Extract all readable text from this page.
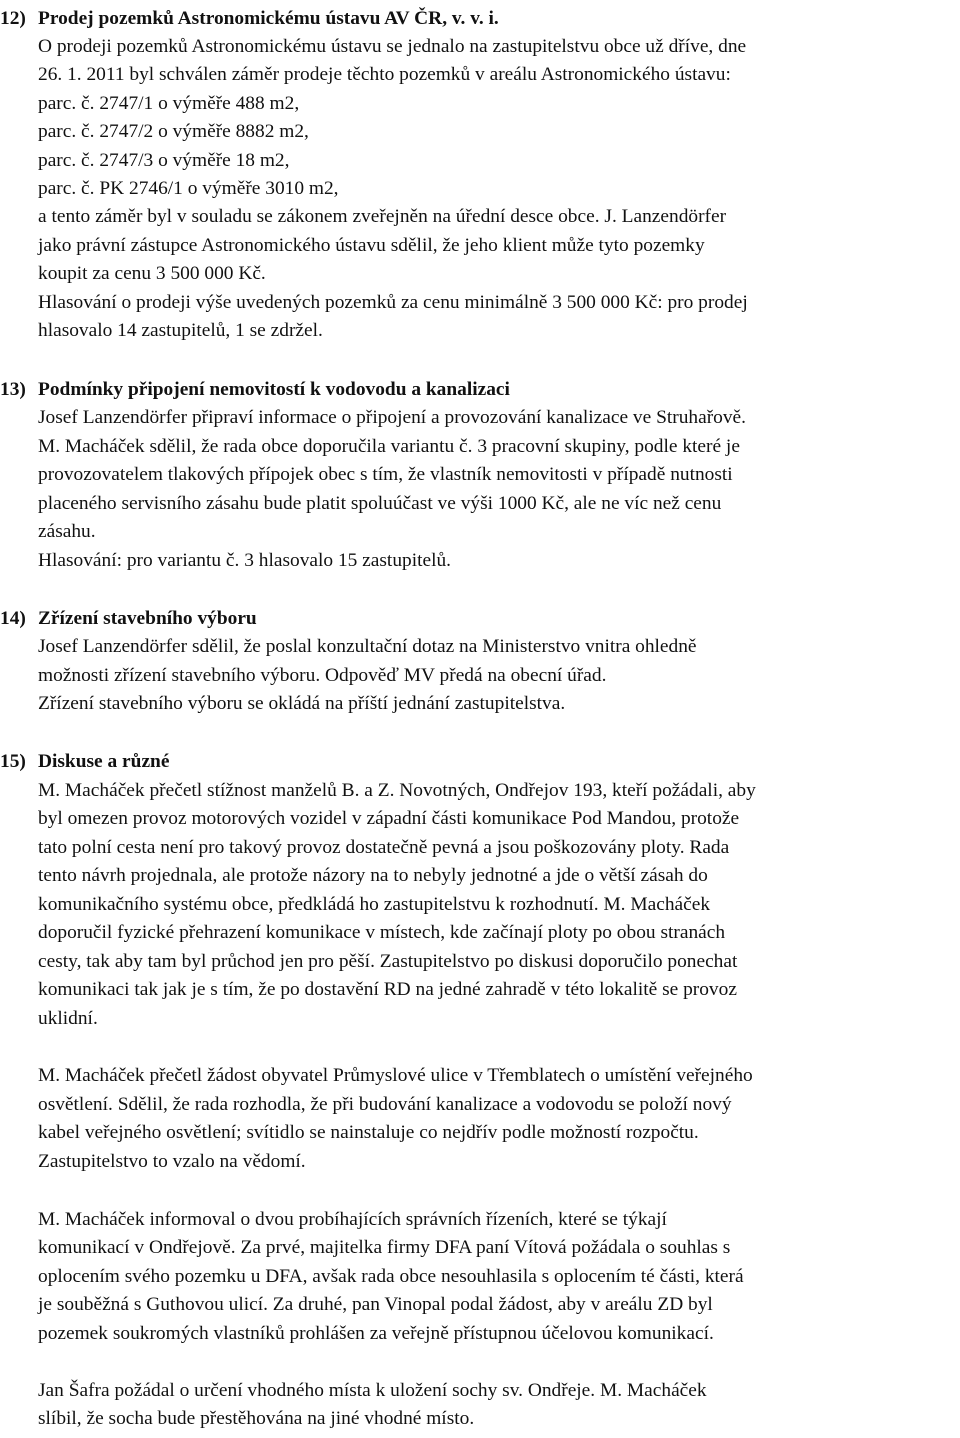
12) Prodej pozemků Astronomickému ústavu AV ČR, v. v. i.
O prodeji pozemků Astronomickému ústavu se jednalo na zastupitelstvu obce už dříve, dne
26. 1. 2011 byl schválen záměr prodeje těchto pozemků v areálu Astronomického ústavu:
parc. č. 2747/1 o výměře 488 m2,
parc. č. 2747/2 o výměře 8882 m2,
parc. č. 2747/3 o výměře 18 m2,
parc. č. PK 2746/1 o výměře 3010 m2,
a tento záměr byl v souladu se zákonem zveřejněn na úřední desce obce. J. Lanzendörfer
jako právní zástupce Astronomického ústavu sdělil, že jeho klient může tyto pozemky
koupit za cenu 3 500 000 Kč.
Hlasování o prodeji výše uvedených pozemků za cenu minimálně 3 500 000 Kč: pro prodej
hlasovalo 14 zastupitelů, 1 se zdržel.
13) Podmínky připojení nemovitostí k vodovodu a kanalizaci
Josef Lanzendörfer připraví informace o připojení a provozování kanalizace ve Struhařově.
M. Macháček sdělil, že rada obce doporučila variantu č. 3 pracovní skupiny, podle které je
provozovatelem tlakových přípojek obec s tím, že vlastník nemovitosti v případě nutnosti
placeného servisního zásahu bude platit spoluúčast ve výši 1000 Kč, ale ne víc než cenu
zásahu.
Hlasování: pro variantu č. 3 hlasovalo 15 zastupitelů.
14) Zřízení stavebního výboru
Josef Lanzendörfer sdělil, že poslal konzultační dotaz na Ministerstvo vnitra ohledně
možnosti zřízení stavebního výboru. Odpověď MV předá na obecní úřad.
Zřízení stavebního výboru se okládá na příští jednání zastupitelstva.
15) Diskuse a různé
M. Macháček přečetl stížnost manželů B. a Z. Novotných, Ondřejov 193, kteří požádali, aby
byl omezen provoz motorových vozidel v západní části komunikace Pod Mandou, protože
tato polní cesta není pro takový provoz dostatečně pevná a jsou poškozovány ploty. Rada
tento návrh projednala, ale protože názory na to nebyly jednotné a jde o větší zásah do
komunikačního systému obce, předkládá ho zastupitelstvu k rozhodnutí. M. Macháček
doporučil fyzické přehrazení komunikace v místech, kde začínají ploty po obou stranách
cesty, tak aby tam byl průchod jen pro pěší. Zastupitelstvo po diskusi doporučilo ponechat
komunikaci tak jak je s tím, že po dostavění RD na jedné zahradě v této lokalitě se provoz
uklidní.
M. Macháček přečetl žádost obyvatel Průmyslové ulice v Třemblatech o umístění veřejného
osvětlení. Sdělil, že rada rozhodla, že při budování kanalizace a vodovodu se položí nový
kabel veřejného osvětlení; svítidlo se nainstaluje co nejdřív podle možností rozpočtu.
Zastupitelstvo to vzalo na vědomí.
M. Macháček informoval o dvou probíhajících správních řízeních, které se týkají
komunikací v Ondřejově. Za prvé, majitelka firmy DFA paní Vítová požádala o souhlas s
oplocením svého pozemku u DFA, avšak rada obce nesouhlasila s oplocením té části, která
je souběžná s Guthovou ulicí. Za druhé, pan Vinopal podal žádost, aby v areálu ZD byl
pozemek soukromých vlastníků prohlášen za veřejně přístupnou účelovou komunikací.
Jan Šafra požádal o určení vhodného místa k uložení sochy sv. Ondřeje. M. Macháček
slíbil, že socha bude přestěhována na jiné vhodné místo.
